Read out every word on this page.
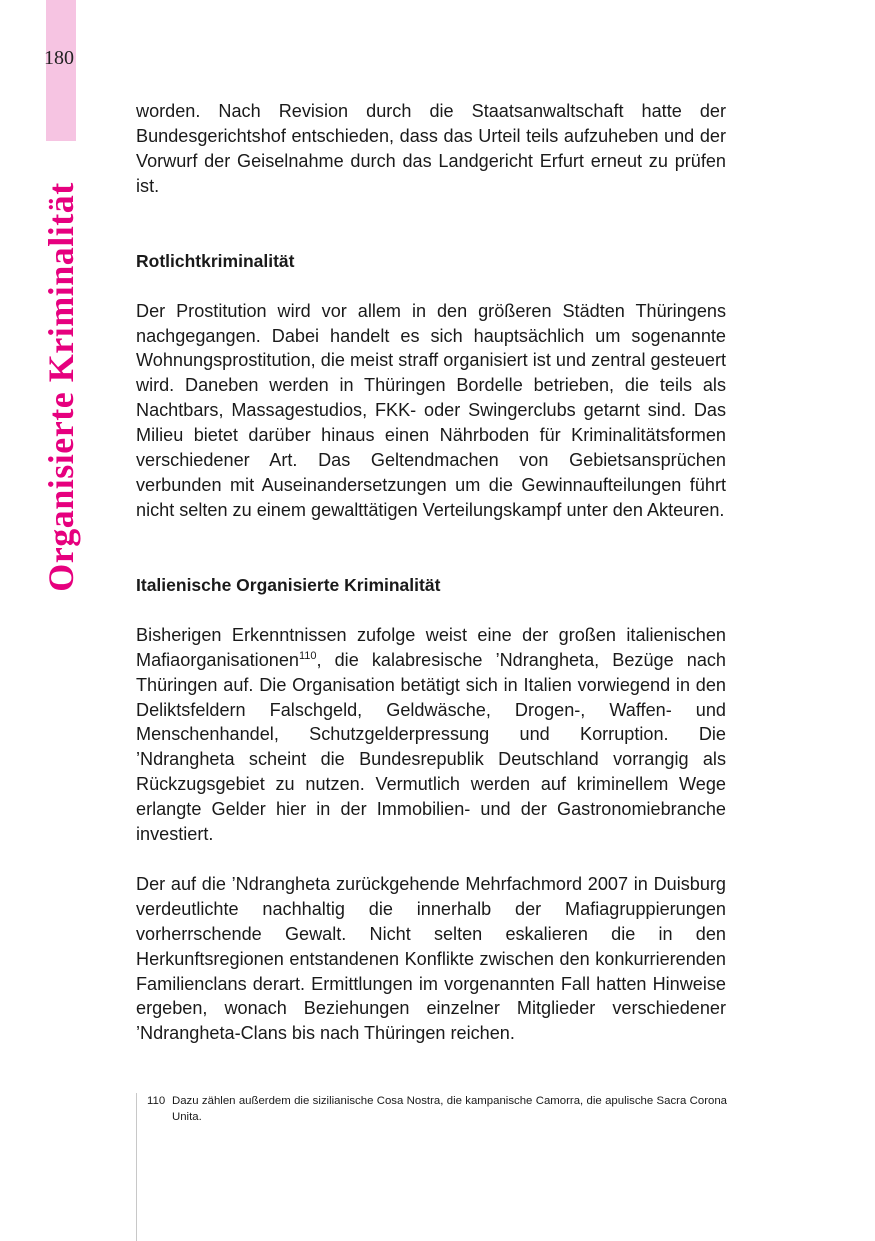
180
Organisierte Kriminalität

worden. Nach Revision durch die Staatsanwaltschaft hatte der Bundesgerichtshof entschieden, dass das Urteil teils aufzuheben und der Vorwurf der Geiselnahme durch das Landgericht Erfurt erneut zu prüfen ist.

Rotlichtkriminalität

Der Prostitution wird vor allem in den größeren Städten Thüringens nachgegangen. Dabei handelt es sich hauptsächlich um sogenannte Wohnungsprostitution, die meist straff organisiert ist und zentral gesteuert wird. Daneben werden in Thüringen Bordelle betrieben, die teils als Nachtbars, Massagestudios, FKK- oder Swingerclubs getarnt sind. Das Milieu bietet darüber hinaus einen Nährboden für Kriminalitätsformen verschiedener Art. Das Geltendmachen von Gebietsansprüchen verbunden mit Auseinandersetzungen um die Gewinnaufteilungen führt nicht selten zu einem gewalttätigen Verteilungskampf unter den Akteuren.

Italienische Organisierte Kriminalität

Bisherigen Erkenntnissen zufolge weist eine der großen italienischen Mafiaorganisationen$^{110}$, die kalabresische ’Ndrangheta, Bezüge nach Thüringen auf. Die Organisation betätigt sich in Italien vorwiegend in den Deliktsfeldern Falschgeld, Geldwäsche, Drogen-, Waffen- und Menschenhandel, Schutzgelderpressung und Korruption. Die ’Ndrangheta scheint die Bundesrepublik Deutschland vorrangig als Rückzugsgebiet zu nutzen. Vermutlich werden auf kriminellem Wege erlangte Gelder hier in der Immobilien- und der Gastronomiebranche investiert.

Der auf die ’Ndrangheta zurückgehende Mehrfachmord 2007 in Duisburg verdeutlichte nachhaltig die innerhalb der Mafiagruppierungen vorherrschende Gewalt. Nicht selten eskalieren die in den Herkunftsregionen entstandenen Konflikte zwischen den konkurrierenden Familienclans derart. Ermittlungen im vorgenannten Fall hatten Hinweise ergeben, wonach Beziehungen einzelner Mitglieder verschiedener ’Ndrangheta-Clans bis nach Thüringen reichen.

110 Dazu zählen außerdem die sizilianische Cosa Nostra, die kampanische Camorra, die apulische Sacra Corona Unita.
